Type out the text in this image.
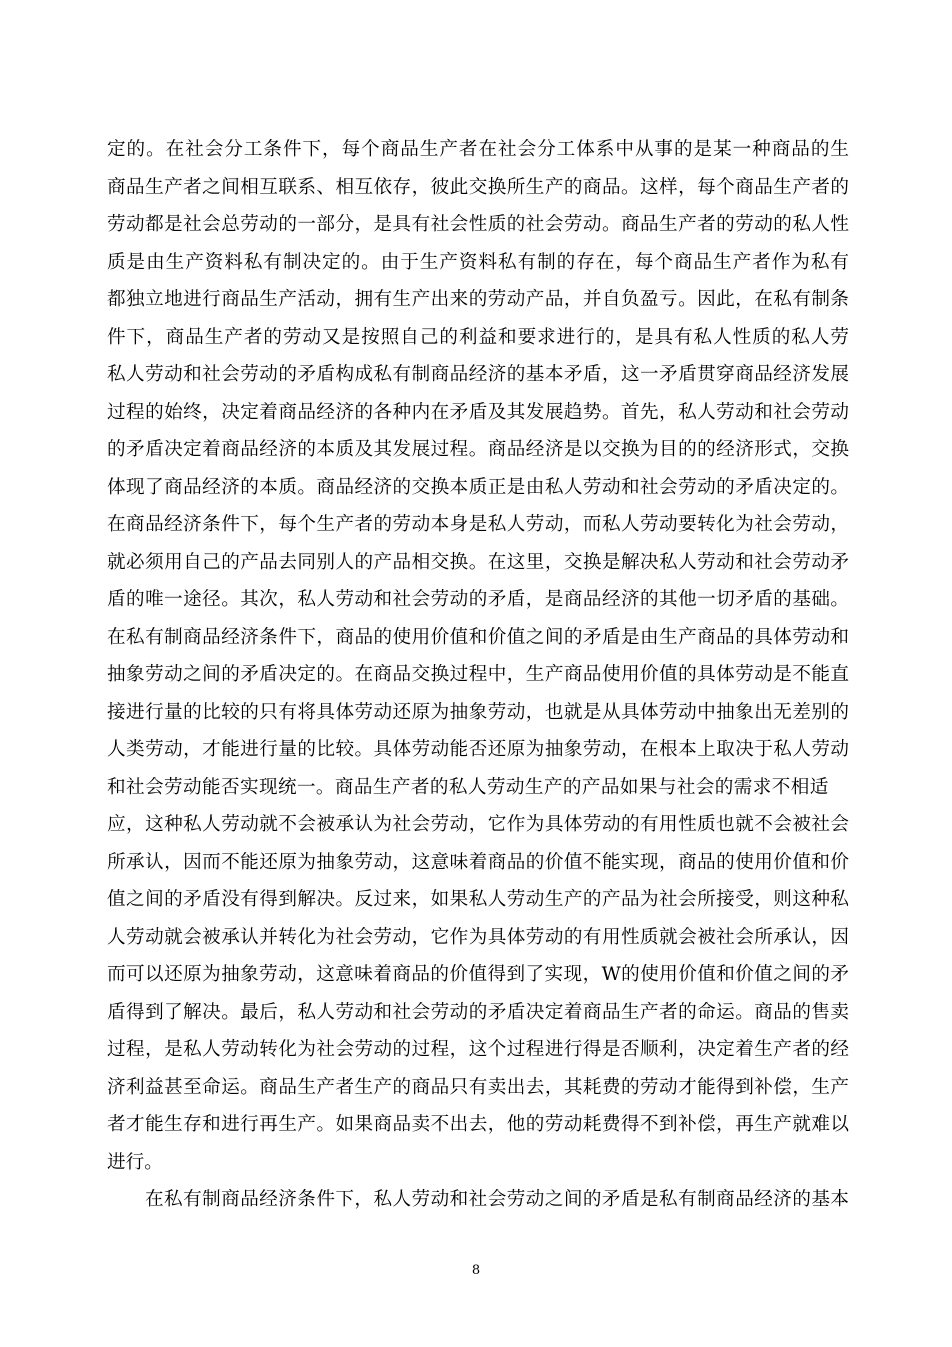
定的。在社会分工条件下，每个商品生产者在社会分工体系中从事的是某一种商品的生
商品生产者之间相互联系、相互依存，彼此交换所生产的商品。这样，每个商品生产者的
劳动都是社会总劳动的一部分，是具有社会性质的社会劳动。商品生产者的劳动的私人性
质是由生产资料私有制决定的。由于生产资料私有制的存在，每个商品生产者作为私有
都独立地进行商品生产活动，拥有生产出来的劳动产品，并自负盈亏。因此，在私有制条
件下，商品生产者的劳动又是按照自己的利益和要求进行的，是具有私人性质的私人劳
私人劳动和社会劳动的矛盾构成私有制商品经济的基本矛盾，这一矛盾贯穿商品经济发展
过程的始终，决定着商品经济的各种内在矛盾及其发展趋势。首先，私人劳动和社会劳动
的矛盾决定着商品经济的本质及其发展过程。商品经济是以交换为目的的经济形式，交换
体现了商品经济的本质。商品经济的交换本质正是由私人劳动和社会劳动的矛盾决定的。
在商品经济条件下，每个生产者的劳动本身是私人劳动，而私人劳动要转化为社会劳动，
就必须用自己的产品去同别人的产品相交换。在这里，交换是解决私人劳动和社会劳动矛
盾的唯一途径。其次，私人劳动和社会劳动的矛盾，是商品经济的其他一切矛盾的基础。
在私有制商品经济条件下，商品的使用价值和价值之间的矛盾是由生产商品的具体劳动和
抽象劳动之间的矛盾决定的。在商品交换过程中，生产商品使用价值的具体劳动是不能直
接进行量的比较的只有将具体劳动还原为抽象劳动，也就是从具体劳动中抽象出无差别的
人类劳动，才能进行量的比较。具体劳动能否还原为抽象劳动，在根本上取决于私人劳动
和社会劳动能否实现统一。商品生产者的私人劳动生产的产品如果与社会的需求不相适
应，这种私人劳动就不会被承认为社会劳动，它作为具体劳动的有用性质也就不会被社会
所承认，因而不能还原为抽象劳动，这意味着商品的价值不能实现，商品的使用价值和价
值之间的矛盾没有得到解决。反过来，如果私人劳动生产的产品为社会所接受，则这种私
人劳动就会被承认并转化为社会劳动，它作为具体劳动的有用性质就会被社会所承认，因
而可以还原为抽象劳动，这意味着商品的价值得到了实现，W的使用价值和价值之间的矛
盾得到了解决。最后，私人劳动和社会劳动的矛盾决定着商品生产者的命运。商品的售卖
过程，是私人劳动转化为社会劳动的过程，这个过程进行得是否顺利，决定着生产者的经
济利益甚至命运。商品生产者生产的商品只有卖出去，其耗费的劳动才能得到补偿，生产
者才能生存和进行再生产。如果商品卖不出去，他的劳动耗费得不到补偿，再生产就难以
进行。
在私有制商品经济条件下，私人劳动和社会劳动之间的矛盾是私有制商品经济的基本
8
